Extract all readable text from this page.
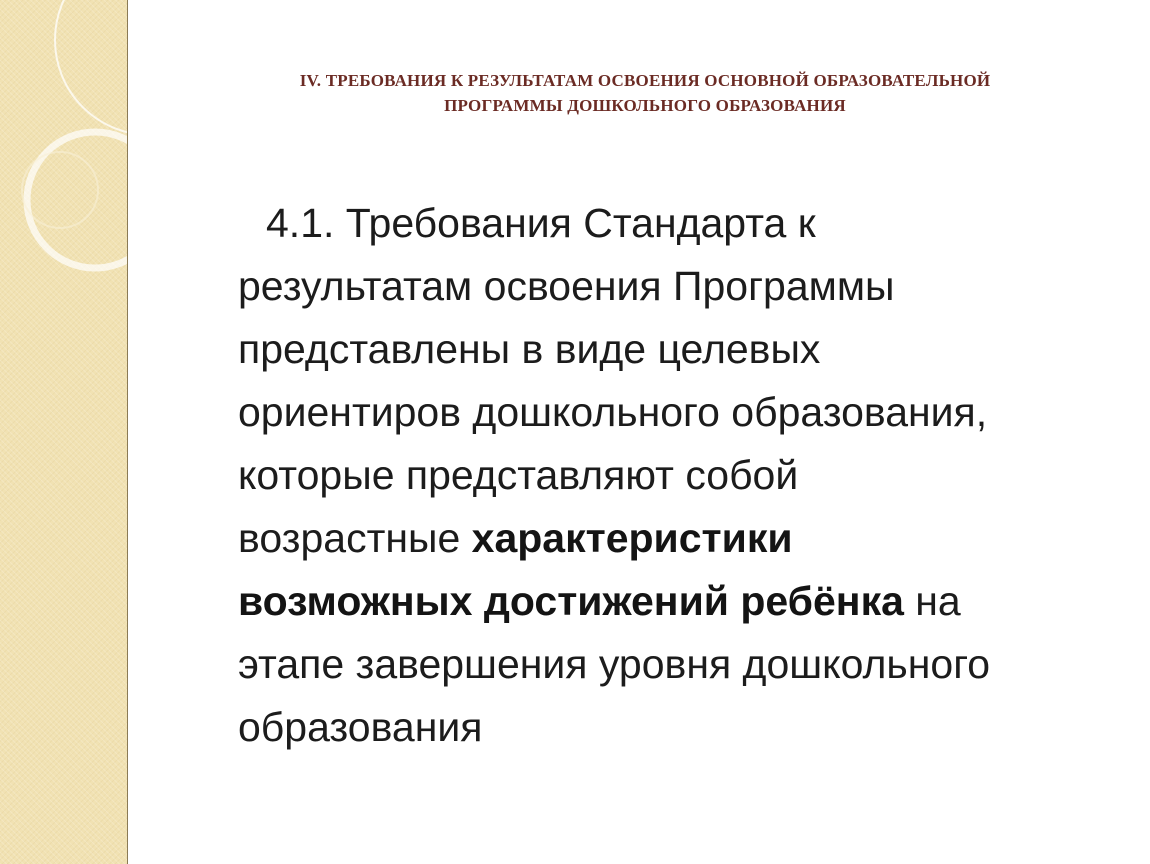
IV. ТРЕБОВАНИЯ К РЕЗУЛЬТАТАМ ОСВОЕНИЯ ОСНОВНОЙ ОБРАЗОВАТЕЛЬНОЙ
ПРОГРАММЫ ДОШКОЛЬНОГО ОБРАЗОВАНИЯ
4.1. Требования Стандарта к
результатам освоения Программы
представлены в виде целевых
ориентиров дошкольного образования,
которые представляют собой
возрастные характеристики
возможных достижений ребёнка на
этапе завершения уровня дошкольного
образования
